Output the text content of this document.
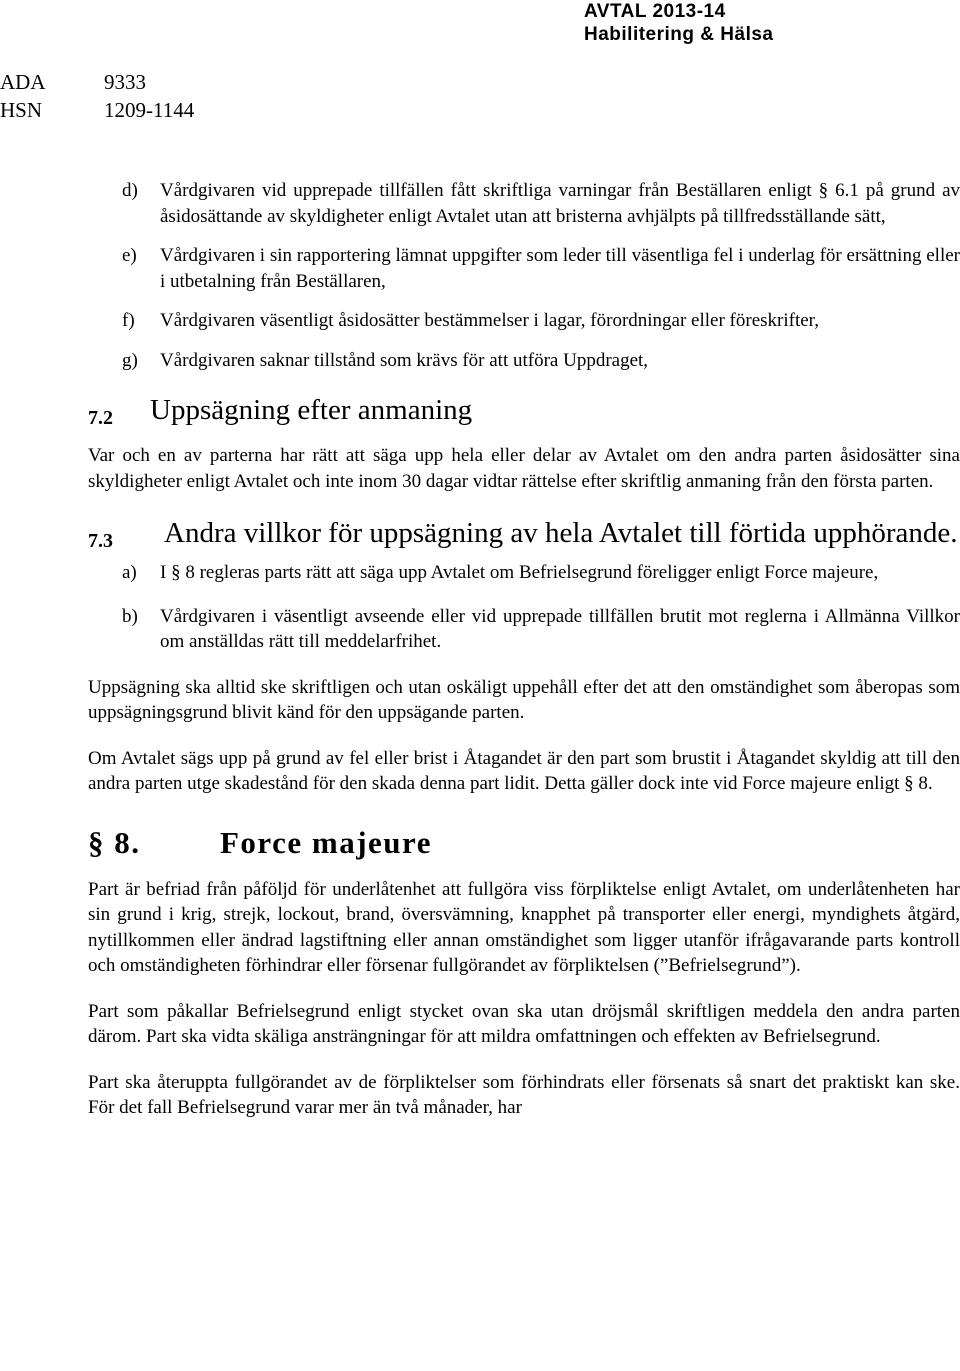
AVTAL 2013-14
Habilitering & Hälsa
ADA	9333
HSN	1209-1144
d) Vårdgivaren vid upprepade tillfällen fått skriftliga varningar från Beställaren enligt § 6.1 på grund av åsidosättande av skyldigheter enligt Avtalet utan att bristerna avhjälpts på tillfredsställande sätt,
e) Vårdgivaren i sin rapportering lämnat uppgifter som leder till väsentliga fel i underlag för ersättning eller i utbetalning från Beställaren,
f) Vårdgivaren väsentligt åsidosätter bestämmelser i lagar, förordningar eller föreskrifter,
g) Vårdgivaren saknar tillstånd som krävs för att utföra Uppdraget,
7.2	Uppsägning efter anmaning
Var och en av parterna har rätt att säga upp hela eller delar av Avtalet om den andra parten åsidosätter sina skyldigheter enligt Avtalet och inte inom 30 dagar vidtar rättelse efter skriftlig anmaning från den första parten.
7.3	Andra villkor för uppsägning av hela Avtalet till förtida upphörande.
a) I § 8 regleras parts rätt att säga upp Avtalet om Befrielsegrund föreligger enligt Force majeure,
b) Vårdgivaren i väsentligt avseende eller vid upprepade tillfällen brutit mot reglerna i Allmänna Villkor om anställdas rätt till meddelarfrihet.
Uppsägning ska alltid ske skriftligen och utan oskäligt uppehåll efter det att den omständighet som åberopas som uppsägningsgrund blivit känd för den uppsägande parten.
Om Avtalet sägs upp på grund av fel eller brist i Åtagandet är den part som brustit i Åtagandet skyldig att till den andra parten utge skadestånd för den skada denna part lidit. Detta gäller dock inte vid Force majeure enligt § 8.
§ 8.	Force majeure
Part är befriad från påföljd för underlåtenhet att fullgöra viss förpliktelse enligt Avtalet, om underlåtenheten har sin grund i krig, strejk, lockout, brand, översvämning, knapphet på transporter eller energi, myndighets åtgärd, nytillkommen eller ändrad lagstiftning eller annan omständighet som ligger utanför ifrågavarande parts kontroll och omständigheten förhindrar eller försenar fullgörandet av förpliktelsen (”Befrielsegrund”).
Part som påkallar Befrielsegrund enligt stycket ovan ska utan dröjsmål skriftligen meddela den andra parten därom. Part ska vidta skäliga ansträngningar för att mildra omfattningen och effekten av Befrielsegrund.
Part ska återuppta fullgörandet av de förpliktelser som förhindrats eller försenats så snart det praktiskt kan ske. För det fall Befrielsegrund varar mer än två månader, har
